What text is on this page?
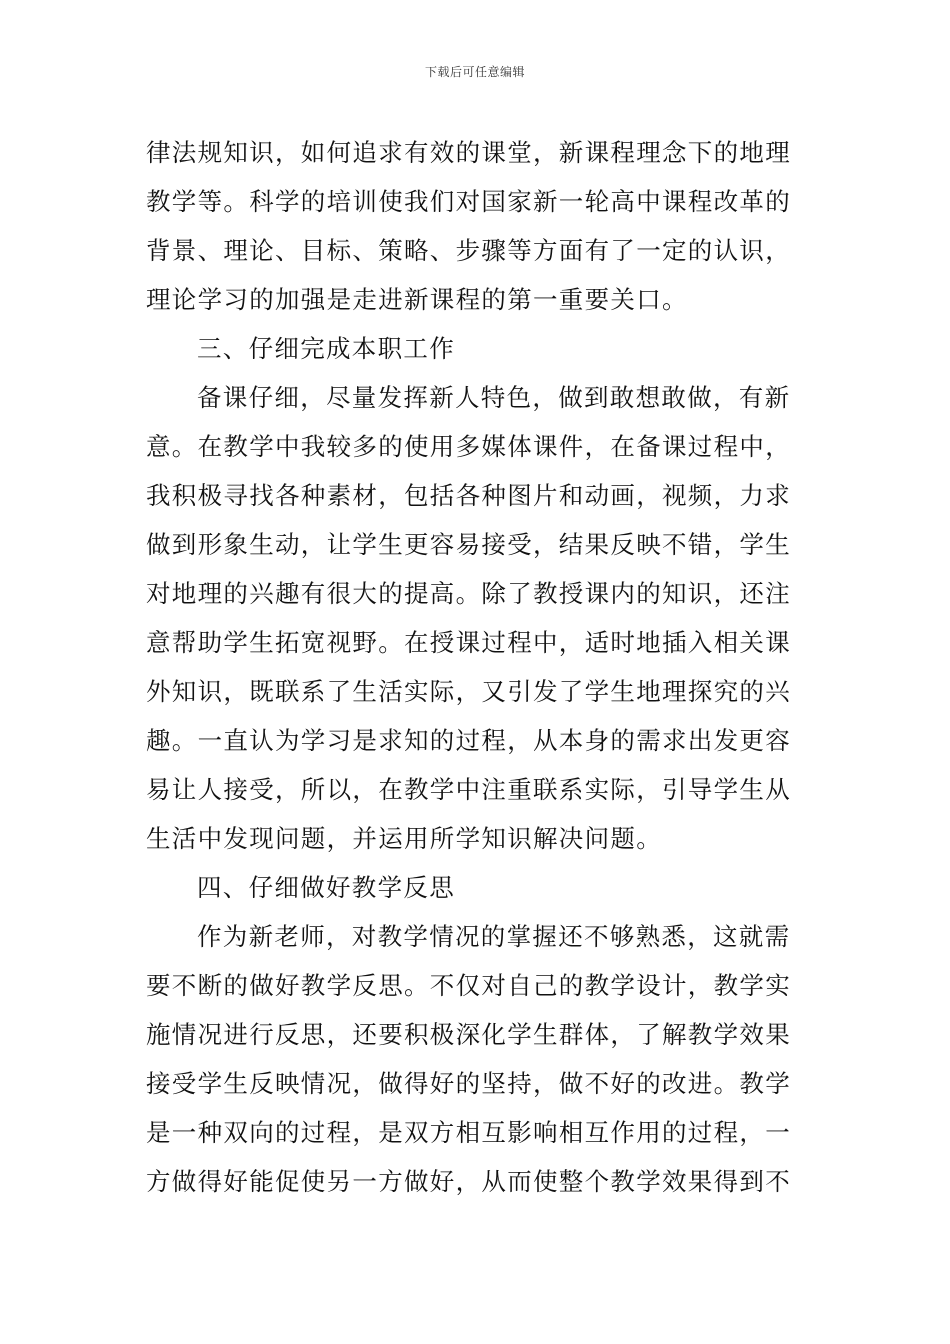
下载后可任意编辑
律法规知识，如何追求有效的课堂，新课程理念下的地理
教学等。科学的培训使我们对国家新一轮高中课程改革的
背景、理论、目标、策略、步骤等方面有了一定的认识，
理论学习的加强是走进新课程的第一重要关口。
三、仔细完成本职工作
备课仔细，尽量发挥新人特色，做到敢想敢做，有新
意。在教学中我较多的使用多媒体课件，在备课过程中，
我积极寻找各种素材，包括各种图片和动画，视频，力求
做到形象生动，让学生更容易接受，结果反映不错，学生
对地理的兴趣有很大的提高。除了教授课内的知识，还注
意帮助学生拓宽视野。在授课过程中，适时地插入相关课
外知识，既联系了生活实际，又引发了学生地理探究的兴
趣。一直认为学习是求知的过程，从本身的需求出发更容
易让人接受，所以，在教学中注重联系实际，引导学生从
生活中发现问题，并运用所学知识解决问题。
四、仔细做好教学反思
作为新老师，对教学情况的掌握还不够熟悉，这就需
要不断的做好教学反思。不仅对自己的教学设计，教学实
施情况进行反思，还要积极深化学生群体，了解教学效果
接受学生反映情况，做得好的坚持，做不好的改进。教学
是一种双向的过程，是双方相互影响相互作用的过程，一
方做得好能促使另一方做好，从而使整个教学效果得到不
